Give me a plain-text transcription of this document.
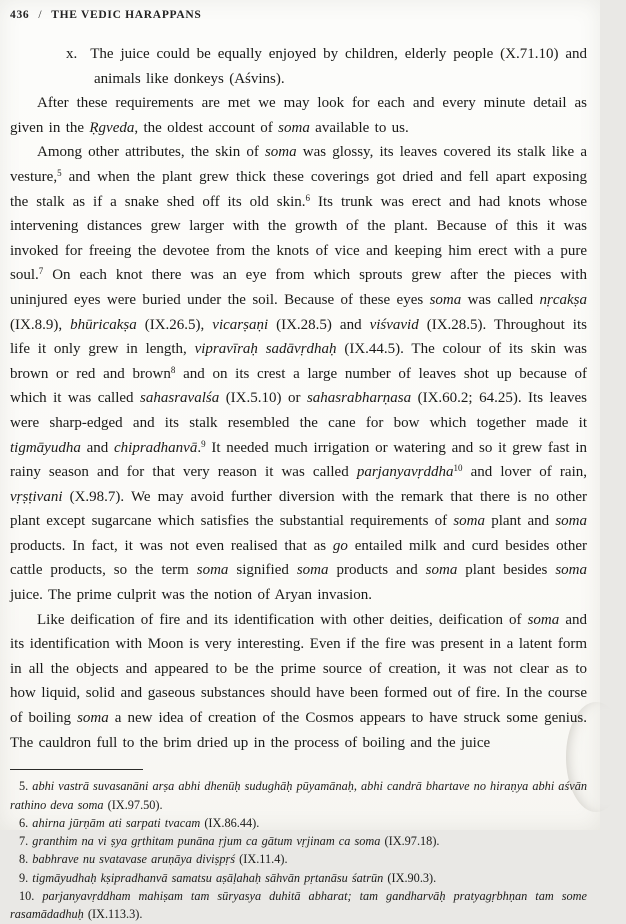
436 / THE VEDIC HARAPPANS

x. The juice could be equally enjoyed by children, elderly people (X.71.10) and animals like donkeys (Aśvins).

After these requirements are met we may look for each and every minute detail as given in the Ṛgveda, the oldest account of soma available to us.

Among other attributes, the skin of soma was glossy, its leaves covered its stalk like a vesture,$^5$ and when the plant grew thick these coverings got dried and fell apart exposing the stalk as if a snake shed off its old skin.$^6$ Its trunk was erect and had knots whose intervening distances grew larger with the growth of the plant. Because of this it was invoked for freeing the devotee from the knots of vice and keeping him erect with a pure soul.$^7$ On each knot there was an eye from which sprouts grew after the pieces with uninjured eyes were buried under the soil. Because of these eyes soma was called nṛcakṣa (IX.8.9), bhūricakṣa (IX.26.5), vicarṣaṇi (IX.28.5) and viśvavid (IX.28.5). Throughout its life it only grew in length, vipravīraḥ sadāvṛdhaḥ (IX.44.5). The colour of its skin was brown or red and brown$^8$ and on its crest a large number of leaves shot up because of which it was called sahasravalśa (IX.5.10) or sahasrabharṇasa (IX.60.2; 64.25). Its leaves were sharp-edged and its stalk resembled the cane for bow which together made it tigmāyudha and chipradhanvā.$^9$ It needed much irrigation or watering and so it grew fast in rainy season and for that very reason it was called parjanyavṛddha$^{10}$ and lover of rain, vṛṣṭivani (X.98.7). We may avoid further diversion with the remark that there is no other plant except sugarcane which satisfies the substantial requirements of soma plant and soma products. In fact, it was not even realised that as go entailed milk and curd besides other cattle products, so the term soma signified soma products and soma plant besides soma juice. The prime culprit was the notion of Aryan invasion.

Like deification of fire and its identification with other deities, deification of soma and its identification with Moon is very interesting. Even if the fire was present in a latent form in all the objects and appeared to be the prime source of creation, it was not clear as to how liquid, solid and gaseous substances should have been formed out of fire. In the course of boiling soma a new idea of creation of the Cosmos appears to have struck some genius. The cauldron full to the brim dried up in the process of boiling and the juice

5. abhi vastrā suvasanāni arṣa abhi dhenūḥ sudughāḥ pūyamānaḥ, abhi candrā bhartave no hiraṇya abhi aśvān rathino deva soma (IX.97.50).

6. ahirna jūrṇām ati sarpati tvacam (IX.86.44).

7. granthim na vi ṣya gṛthitam punāna ṛjum ca gātum vṛjinam ca soma (IX.97.18).

8. babhrave nu svatavase aruṇāya diviṣpṛś (IX.11.4).

9. tigmāyudhaḥ kṣipradhanvā samatsu aṣāḷahaḥ sāhvān pṛtanāsu śatrūn (IX.90.3).

10. parjanyavṛddham mahiṣam tam sūryasya duhitā abharat; tam gandharvāḥ pratyagṛbhṇan tam some rasamādadhuḥ (IX.113.3).
